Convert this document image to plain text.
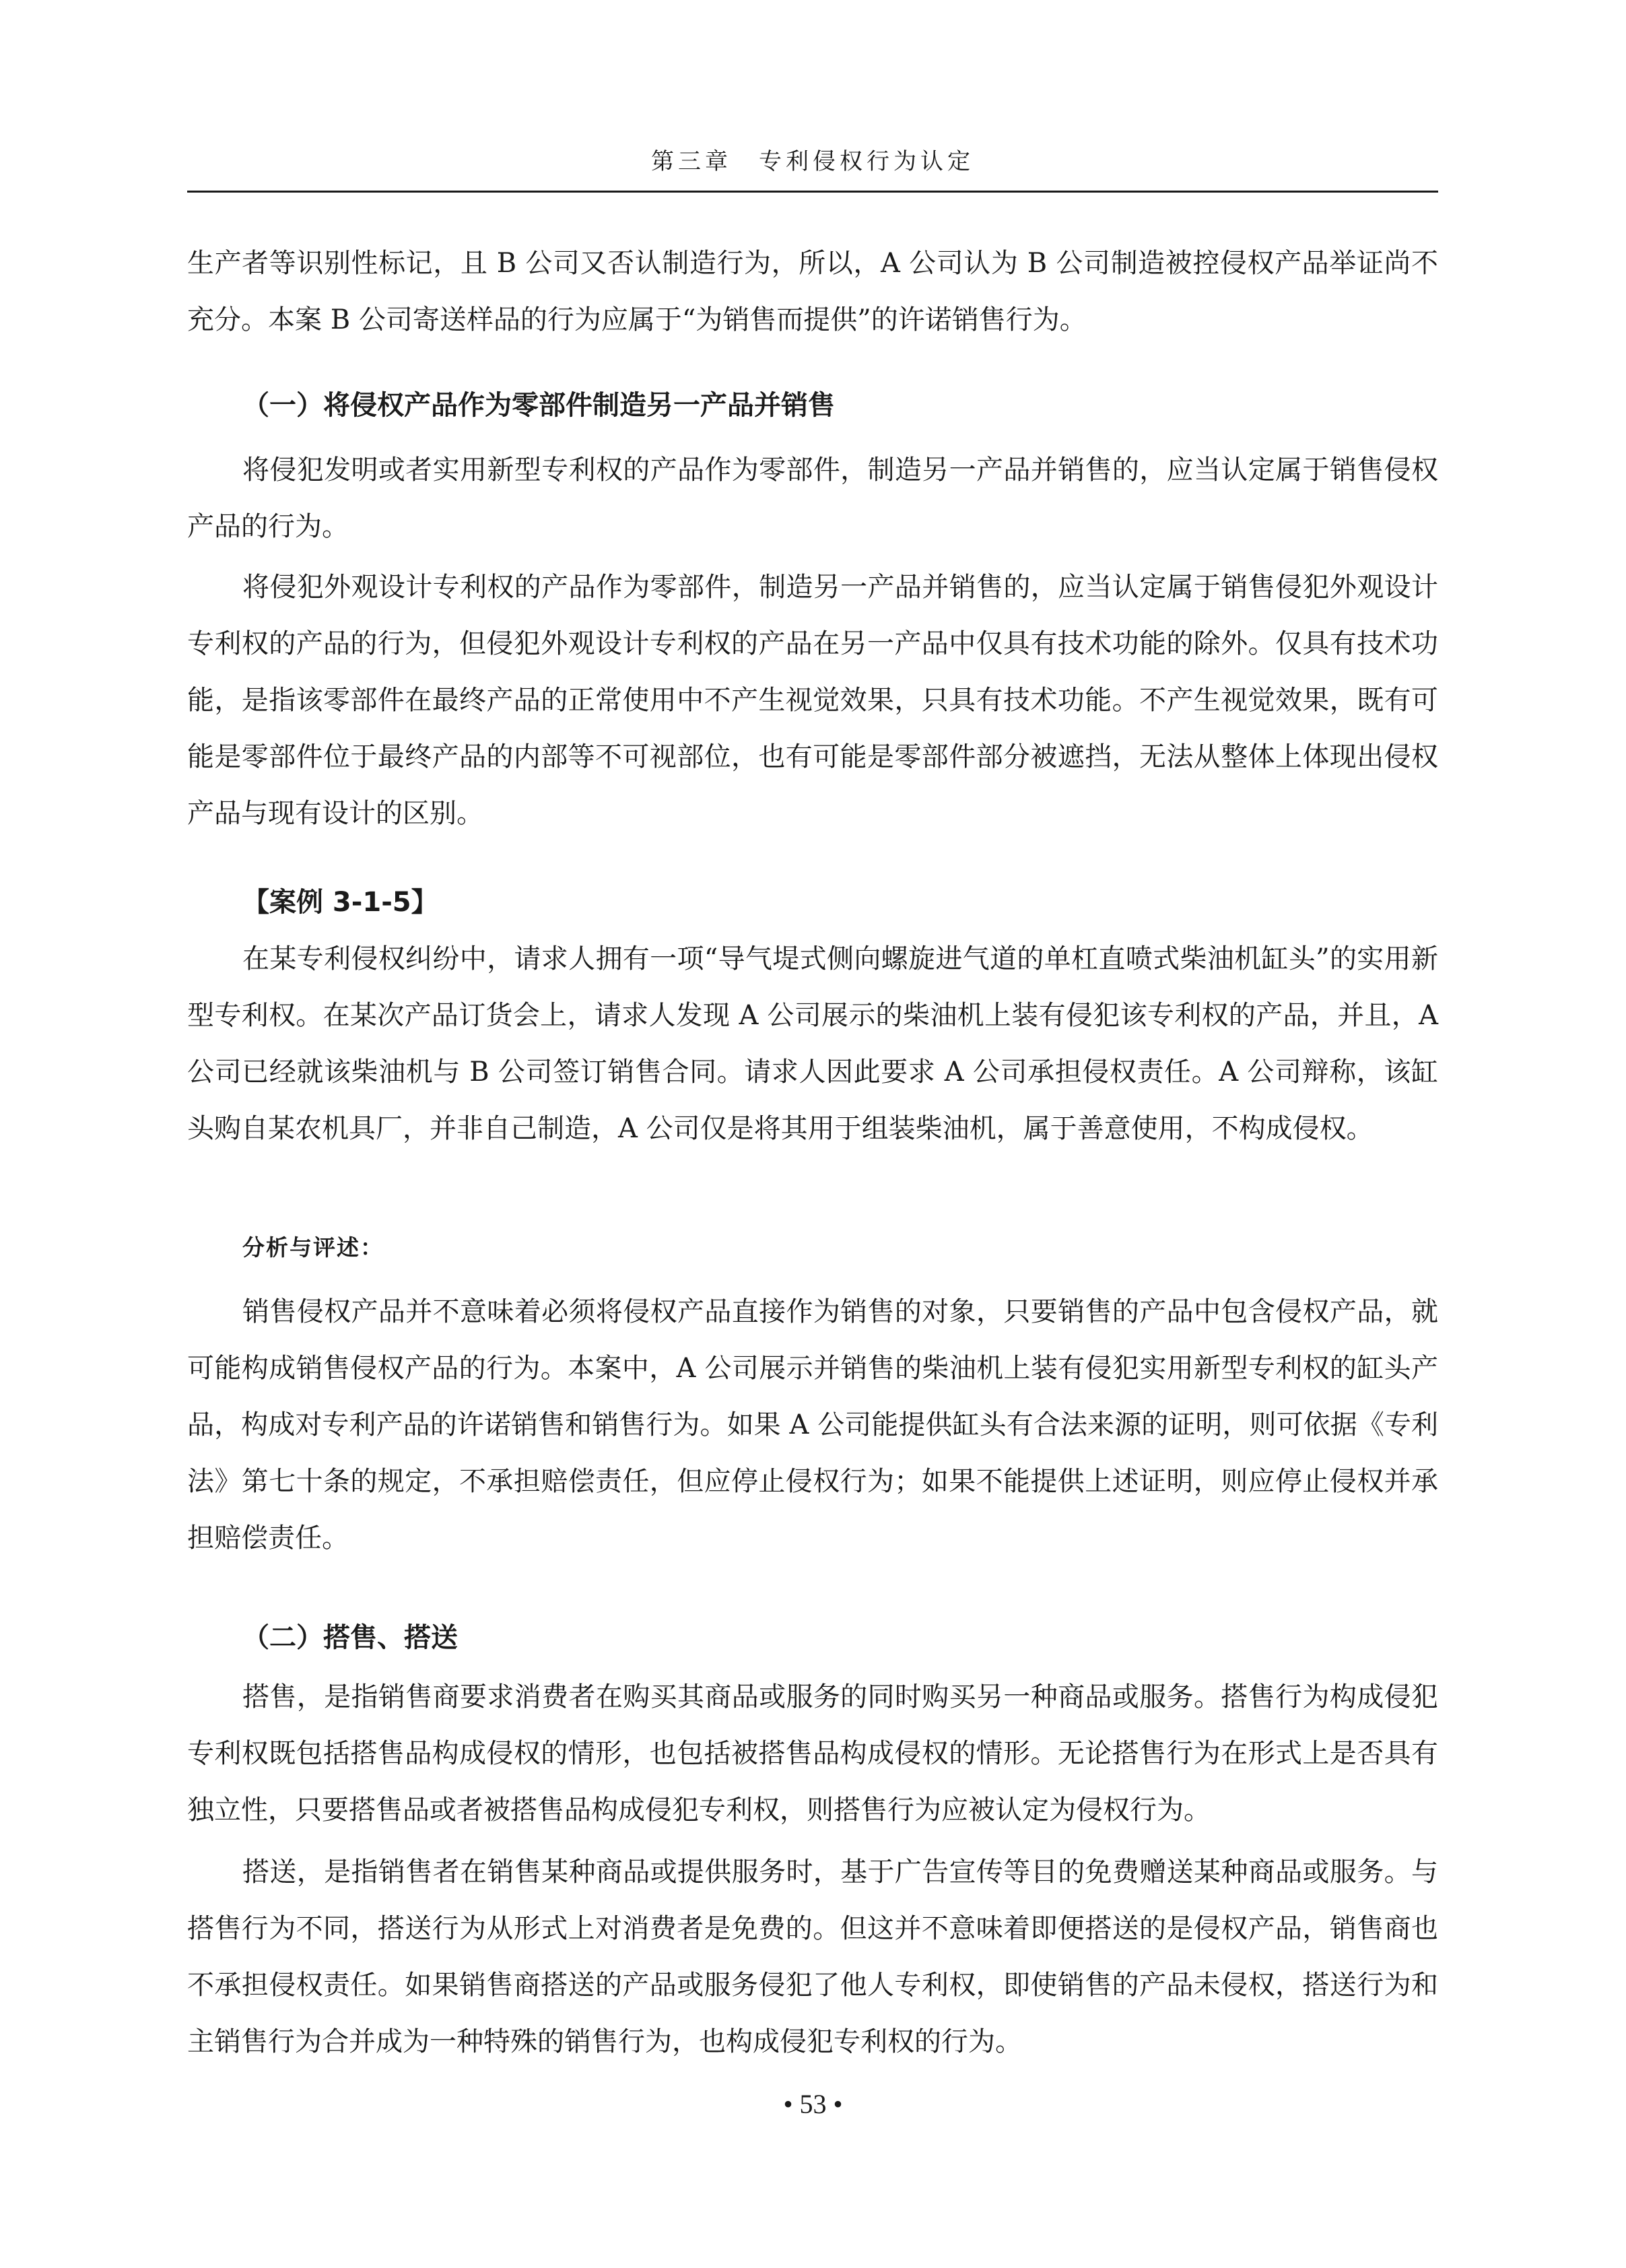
第三章　专利侵权行为认定

生产者等识别性标记，且 B 公司又否认制造行为，所以，A 公司认为 B 公司制造被控侵权产品举证尚不充分。本案 B 公司寄送样品的行为应属于“为销售而提供”的许诺销售行为。

（一）将侵权产品作为零部件制造另一产品并销售

将侵犯发明或者实用新型专利权的产品作为零部件，制造另一产品并销售的，应当认定属于销售侵权产品的行为。

将侵犯外观设计专利权的产品作为零部件，制造另一产品并销售的，应当认定属于销售侵犯外观设计专利权的产品的行为，但侵犯外观设计专利权的产品在另一产品中仅具有技术功能的除外。仅具有技术功能，是指该零部件在最终产品的正常使用中不产生视觉效果，只具有技术功能。不产生视觉效果，既有可能是零部件位于最终产品的内部等不可视部位，也有可能是零部件部分被遮挡，无法从整体上体现出侵权产品与现有设计的区别。

【案例 3-1-5】

在某专利侵权纠纷中，请求人拥有一项“导气堤式侧向螺旋进气道的单杠直喷式柴油机缸头”的实用新型专利权。在某次产品订货会上，请求人发现 A 公司展示的柴油机上装有侵犯该专利权的产品，并且，A 公司已经就该柴油机与 B 公司签订销售合同。请求人因此要求 A 公司承担侵权责任。A 公司辩称，该缸头购自某农机具厂，并非自己制造，A 公司仅是将其用于组装柴油机，属于善意使用，不构成侵权。

分析与评述：

销售侵权产品并不意味着必须将侵权产品直接作为销售的对象，只要销售的产品中包含侵权产品，就可能构成销售侵权产品的行为。本案中，A 公司展示并销售的柴油机上装有侵犯实用新型专利权的缸头产品，构成对专利产品的许诺销售和销售行为。如果 A 公司能提供缸头有合法来源的证明，则可依据《专利法》第七十条的规定，不承担赔偿责任，但应停止侵权行为；如果不能提供上述证明，则应停止侵权并承担赔偿责任。

（二）搭售、搭送

搭售，是指销售商要求消费者在购买其商品或服务的同时购买另一种商品或服务。搭售行为构成侵犯专利权既包括搭售品构成侵权的情形，也包括被搭售品构成侵权的情形。无论搭售行为在形式上是否具有独立性，只要搭售品或者被搭售品构成侵犯专利权，则搭售行为应被认定为侵权行为。

搭送，是指销售者在销售某种商品或提供服务时，基于广告宣传等目的免费赠送某种商品或服务。与搭售行为不同，搭送行为从形式上对消费者是免费的。但这并不意味着即便搭送的是侵权产品，销售商也不承担侵权责任。如果销售商搭送的产品或服务侵犯了他人专利权，即使销售的产品未侵权，搭送行为和主销售行为合并成为一种特殊的销售行为，也构成侵犯专利权的行为。

• 53 •
